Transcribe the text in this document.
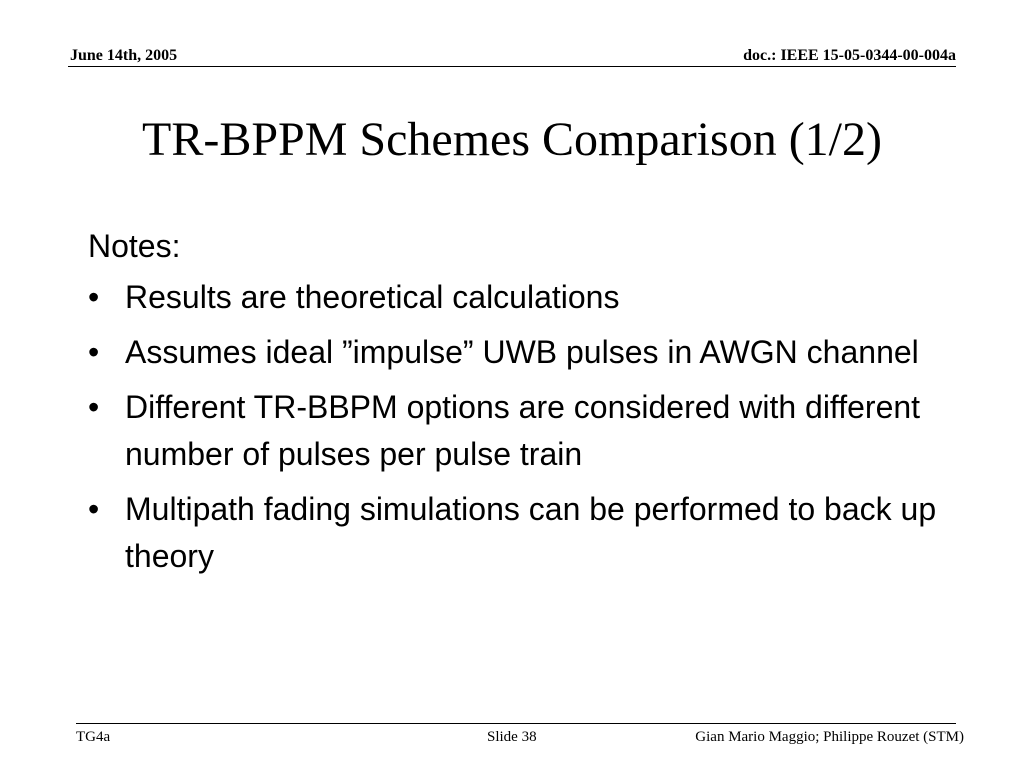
June 14th, 2005	doc.: IEEE 15-05-0344-00-004a
TR-BPPM Schemes Comparison (1/2)
Notes:
• Results are theoretical calculations
• Assumes ideal ”impulse” UWB pulses in AWGN channel
• Different TR-BBPM options are considered with different number of pulses per pulse train
• Multipath fading simulations can be performed to back up theory
TG4a	Slide 38	Gian Mario Maggio; Philippe Rouzet (STM)
